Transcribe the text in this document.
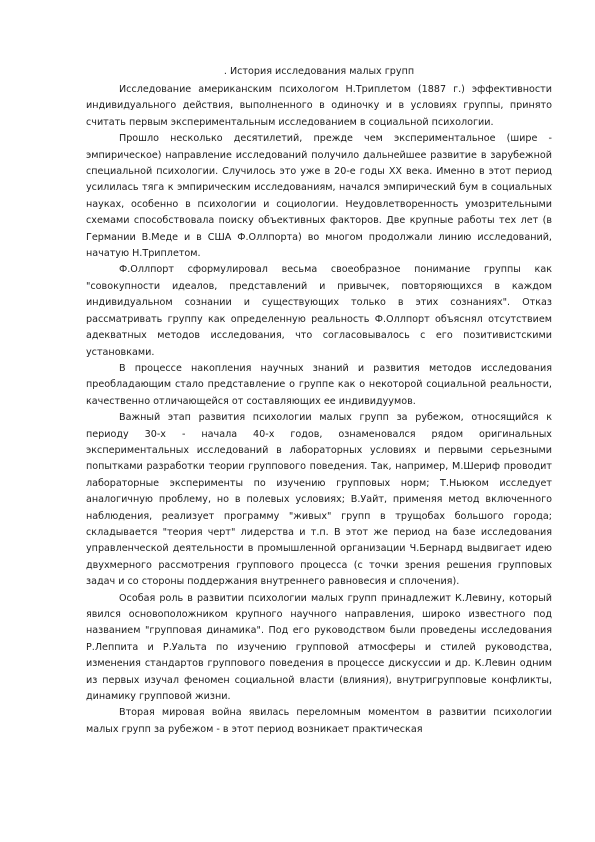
. История исследования малых групп

Исследование американским психологом Н.Триплетом (1887 г.) эффективности индивидуального действия, выполненного в одиночку и в условиях группы, принято считать первым экспериментальным исследованием в социальной психологии.

Прошло несколько десятилетий, прежде чем экспериментальное (шире - эмпирическое) направление исследований получило дальнейшее развитие в зарубежной специальной психологии. Случилось это уже в 20-е годы XX века. Именно в этот период усилилась тяга к эмпирическим исследованиям, начался эмпирический бум в социальных науках, особенно в психологии и социологии. Неудовлетворенность умозрительными схемами способствовала поиску объективных факторов. Две крупные работы тех лет (в Германии В.Меде и в США Ф.Оллпорта) во многом продолжали линию исследований, начатую Н.Триплетом.

Ф.Оллпорт сформулировал весьма своеобразное понимание группы как "совокупности идеалов, представлений и привычек, повторяющихся в каждом индивидуальном сознании и существующих только в этих сознаниях". Отказ рассматривать группу как определенную реальность Ф.Оллпорт объяснял отсутствием адекватных методов исследования, что согласовывалось с его позитивистскими установками.

В процессе накопления научных знаний и развития методов исследования преобладающим стало представление о группе как о некоторой социальной реальности, качественно отличающейся от составляющих ее индивидуумов.

Важный этап развития психологии малых групп за рубежом, относящийся к периоду 30-х - начала 40-х годов, ознаменовался рядом оригинальных экспериментальных исследований в лабораторных условиях и первыми серьезными попытками разработки теории группового поведения. Так, например, М.Шериф проводит лабораторные эксперименты по изучению групповых норм; Т.Ньюком исследует аналогичную проблему, но в полевых условиях; В.Уайт, применяя метод включенного наблюдения, реализует программу "живых" групп в трущобах большого города; складывается "теория черт" лидерства и т.п. В этот же период на базе исследования управленческой деятельности в промышленной организации Ч.Бернард выдвигает идею двухмерного рассмотрения группового процесса (с точки зрения решения групповых задач и со стороны поддержания внутреннего равновесия и сплочения).

Особая роль в развитии психологии малых групп принадлежит К.Левину, который явился основоположником крупного научного направления, широко известного под названием "групповая динамика". Под его руководством были проведены исследования Р.Леппита и Р.Уальта по изучению групповой атмосферы и стилей руководства, изменения стандартов группового поведения в процессе дискуссии и др. К.Левин одним из первых изучал феномен социальной власти (влияния), внутригрупповые конфликты, динамику групповой жизни.

Вторая мировая война явилась переломным моментом в развитии психологии малых групп за рубежом - в этот период возникает практическая
